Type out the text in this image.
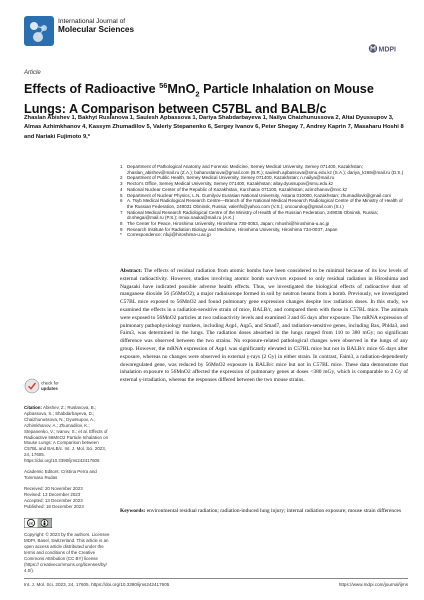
International Journal of
Molecular Sciences
MDPI
Article
Effects of Radioactive $^{56}$MnO$_2$ Particle Inhalation on Mouse Lungs: A Comparison between C57BL and BALB/c
Zhaslan Abishev 1, Bakhyt Ruslanova 1, Saulesh Apbassova 1, Dariya Shabdarbayeva 1, Nailya Chaizhunussova 2, Altai Dyussupov 3, Almas Azhimkhanov 4, Kassym Zhumadilov 5, Valeriy Stepanenko 6, Sergey Ivanov 6, Peter Shegay 7, Andrey Kaprin 7, Masaharu Hoshi 8 and Nariaki Fujimoto 9,*
1 Department of Pathological Anatomy and Forensic Medicine, Semey Medical University, Semey 071400, Kazakhstan; zhaslan_abishev@mail.ru (Z.A.); baharuslanova@gmail.com (B.R.); saulesh.apbassova@smu.edu.kz (S.A.); dariya_kz69@mail.ru (D.S.)
2 Department of Public Health, Semey Medical University, Semey 071400, Kazakhstan; n.nailya@mail.ru
3 Rector's Office, Semey Medical University, Semey 071400, Kazakhstan; altay.dyussupov@smu.edu.kz
4 National Nuclear Center of the Republic of Kazakhstan, Kurchatov 071100, Kazakhstan; azimzhanov@nnc.kz
5 Department of Nuclear Physics, L.N. Gumilyov Eurasian National University, Astana 010000, Kazakhstan; zhumadilovk@gmail.com
6 A. Tsyb Medical Radiological Research Centre—Branch of the National Medical Research Radiological Centre of the Ministry of Health of the Russian Federation, 249031 Obninsk, Russia; valerifs@yahoo.com (V.S.); oncourolog@gmail.com (S.I.)
7 National Medical Research Radiological Centre of the Ministry of Health of the Russian Federation, 249036 Obninsk, Russia; dr.shegai@mail.ru (P.S.); mnioi.nauka@mail.ru (A.K.)
8 The Center for Peace, Hiroshima University, Hiroshima 730-0053, Japan; mhoshi@hiroshima-u.ac.jp
9 Research Institute for Radiation Biology and Medicine, Hiroshima University, Hiroshima 734-0037, Japan
*	Correspondence: nfuji@hiroshima-u.ac.jp
check for
updates
Citation: Abishev, Z.; Ruslanova, B.; Apbassova, S.; Shabdarbayeva, D.; Chaizhunussova, N.; Dyussupov, A.; Azhimkhanov, A.; Zhumadilov, K.; Stepanenko, V.; Ivanov, S.; et al. Effects of Radioactive 56MnO2 Particle Inhalation on Mouse Lungs: A Comparison between C57BL and BALB/c. Int. J. Mol. Sci. 2023, 24, 17605. https://doi.org/10.3390/ijms242417605
Academic Editors: Cristina Perra and Tommaso Rudas
Received: 20 November 2023
Revised: 13 December 2023
Accepted: 13 December 2023
Published: 18 December 2023
cc
Copyright: © 2023 by the authors. Licensee MDPI, Basel, Switzerland. This article is an open access article distributed under the terms and conditions of the Creative Commons Attribution (CC BY) license (https:// creativecommons.org/licenses/by/ 4.0/).
Abstract: The effects of residual radiation from atomic bombs have been considered to be minimal because of its low levels of external radioactivity. However, studies involving atomic bomb survivors exposed to only residual radiation in Hiroshima and Nagasaki have indicated possible adverse health effects. Thus, we investigated the biological effects of radioactive dust of manganese dioxide 56 (56MnO2), a major radioisotope formed in soil by neutron beams from a bomb. Previously, we investigated C57BL mice exposed to 56MnO2 and found pulmonary gene expression changes despite low radiation doses. In this study, we examined the effects in a radiation-sensitive strain of mice, BALB/c, and compared them with those in C57BL mice. The animals were exposed to 56MnO2 particles at two radioactivity levels and examined 3 and 65 days after exposure. The mRNA expression of pulmonary pathophysiology markers, including Aqp1, Aqp5, and Smad7, and radiation-sensitive genes, including Bax, Phlda3, and Faim3, was determined in the lungs. The radiation doses absorbed in the lungs ranged from 110 to 380 mGy; no significant difference was observed between the two strains. No exposure-related pathological changes were observed in the lungs of any group. However, the mRNA expression of Aqp1 was significantly elevated in C57BL mice but not in BALB/c mice 65 days after exposure, whereas no changes were observed in external γ-rays (2 Gy) in either strain. In contrast, Faim3, a radiation-dependently downregulated gene, was reduced by 56MnO2 exposure in BALB/c mice but not in C57BL mice. These data demonstrate that inhalation exposure to 56MnO2 affected the expression of pulmonary genes at doses <380 mGy, which is comparable to 2 Gy of external γ-irradiation, whereas the responses differed between the two mouse strains.
Keywords: environmental residual radiation; radiation-induced lung injury; internal radiation exposure; mouse strain differences
Int. J. Mol. Sci. 2023, 24, 17605. https://doi.org/10.3390/ijms242417605	https://www.mdpi.com/journal/ijms
